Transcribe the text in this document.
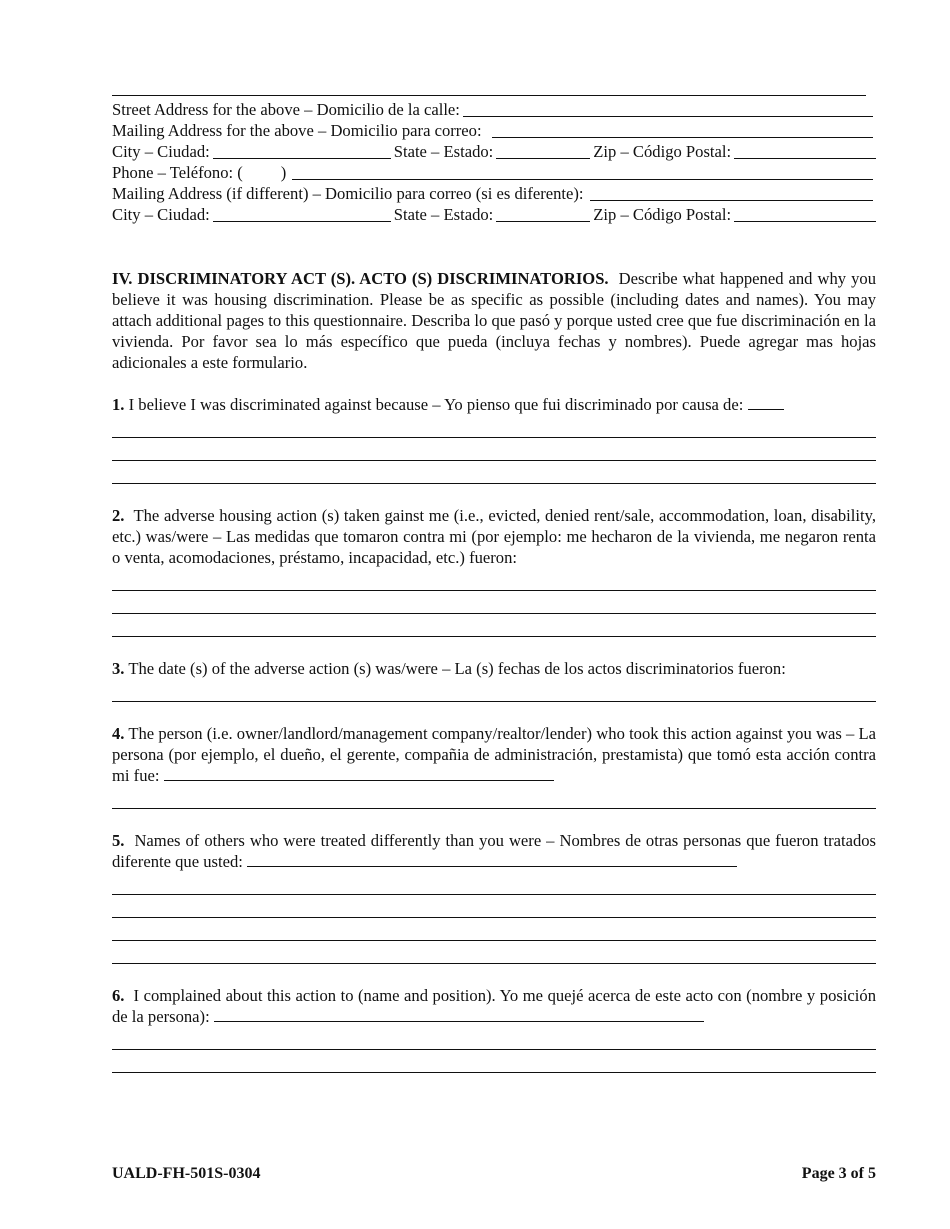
Street Address for the above – Domicilio de la calle:
Mailing Address for the above – Domicilio para correo:
City – Ciudad:	State – Estado:	Zip – Código Postal:
Phone – Teléfono: ( )
Mailing Address (if different) – Domicilio para correo (si es diferente):
City – Ciudad:	State – Estado:	Zip – Código Postal:

IV. DISCRIMINATORY ACT (S). ACTO (S) DISCRIMINATORIOS. Describe what happened and why you believe it was housing discrimination. Please be as specific as possible (including dates and names). You may attach additional pages to this questionnaire. Describa lo que pasó y porque usted cree que fue discriminación en la vivienda. Por favor sea lo más específico que pueda (incluya fechas y nombres). Puede agregar mas hojas adicionales a este formulario.

1. I believe I was discriminated against because – Yo pienso que fui discriminado por causa de:

2. The adverse housing action (s) taken gainst me (i.e., evicted, denied rent/sale, accommodation, loan, disability, etc.) was/were – Las medidas que tomaron contra mi (por ejemplo: me hecharon de la vivienda, me negaron renta o venta, acomodaciones, préstamo, incapacidad, etc.) fueron:

3. The date (s) of the adverse action (s) was/were – La (s) fechas de los actos discriminatorios fueron:

4. The person (i.e. owner/landlord/management company/realtor/lender) who took this action against you was – La persona (por ejemplo, el dueño, el gerente, compañia de administración, prestamista) que tomó esta acción contra mi fue:

5. Names of others who were treated differently than you were – Nombres de otras personas que fueron tratados diferente que usted:

6. I complained about this action to (name and position). Yo me quejé acerca de este acto con (nombre y posición de la persona):

UALD-FH-501S-0304	Page 3 of 5
